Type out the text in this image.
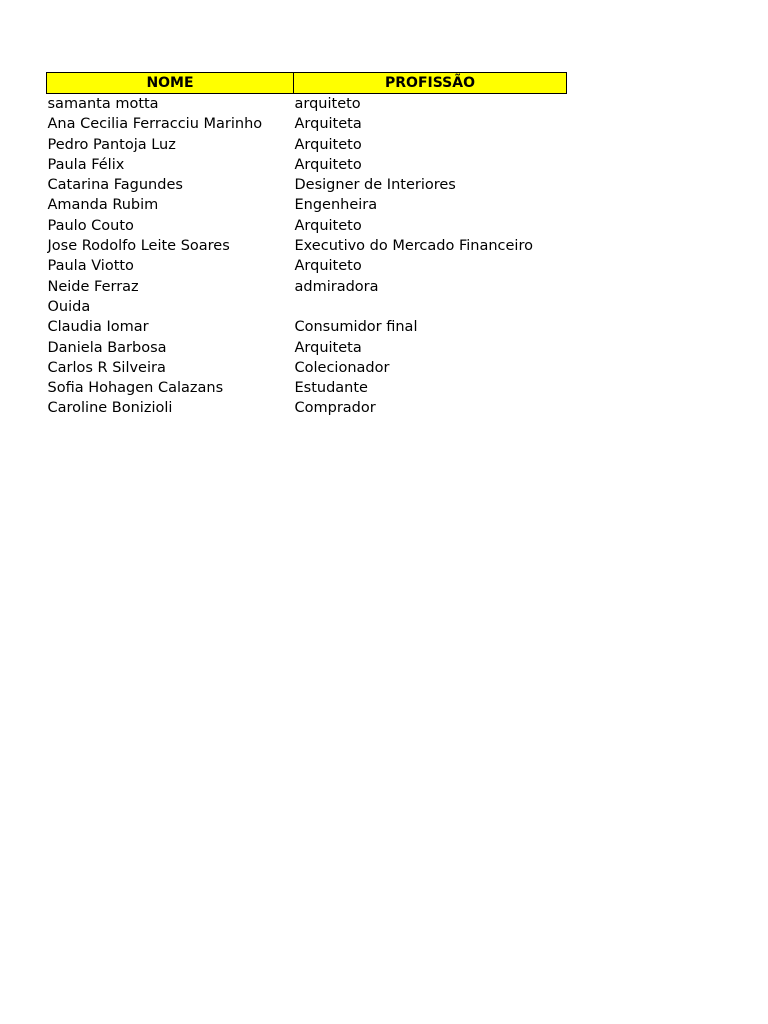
NOME	PROFISSÃO
samanta motta	arquiteto
Ana Cecilia Ferracciu Marinho	Arquiteta
Pedro Pantoja Luz	Arquiteto
Paula Félix	Arquiteto
Catarina Fagundes	Designer de Interiores
Amanda Rubim	Engenheira
Paulo Couto	Arquiteto
Jose Rodolfo Leite Soares	Executivo do Mercado Financeiro
Paula Viotto	Arquiteto
Neide Ferraz	admiradora
Ouida	
Claudia Iomar	Consumidor final
Daniela Barbosa	Arquiteta
Carlos R Silveira	Colecionador
Sofia Hohagen Calazans	Estudante
Caroline Bonizioli	Comprador
